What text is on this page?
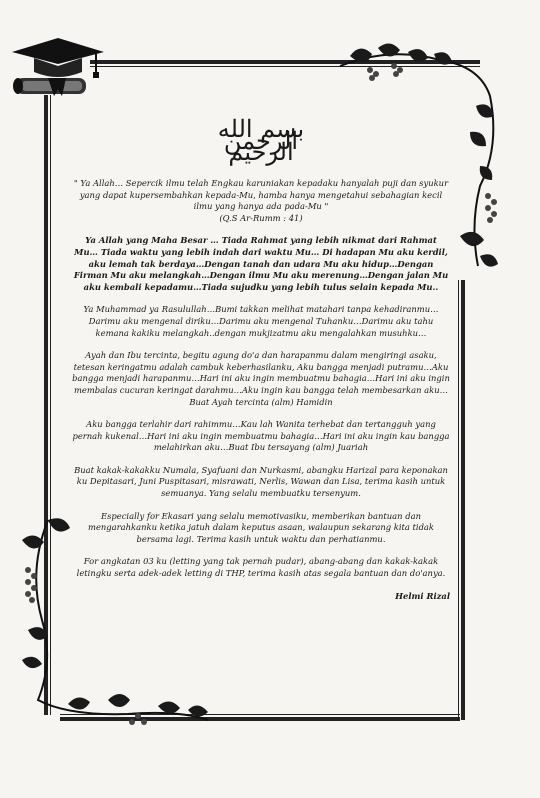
بسم الله الرحمن الرحيم
" Ya Allah… Sepercik ilmu telah Engkau karuniakan kepadaku hanyalah puji dan syukur yang dapat kupersembahkan kepada-Mu, hamba hanya mengetahui sebahagian kecil ilmu yang hanya ada pada-Mu "
(Q.S Ar-Rumm : 41)
Ya Allah yang Maha Besar … Tiada Rahmat yang lebih nikmat dari Rahmat Mu… Tiada waktu yang lebih indah dari waktu Mu… Di hadapan Mu aku kerdil, aku lemah tak berdaya…Dengan tanah dan udara Mu aku hidup…Dengan Firman Mu aku melangkah…Dengan ilmu Mu aku merenung…Dengan jalan Mu aku kembali kepadamu…Tiada sujudku yang lebih tulus selain kepada Mu..
Ya Muhammad ya Rasulullah…Bumi takkan melihat matahari tanpa kehadiranmu…Darimu aku mengenal diriku…Darimu aku mengenal Tuhanku…Darimu aku tahu kemana kakiku melangkah..dengan mukjizatmu aku mengalahkan musuhku…
Ayah dan Ibu tercinta, begitu agung do'a dan harapanmu dalam mengiringi asaku, tetesan keringatmu adalah cambuk keberhasilanku, Aku bangga menjadi putramu…Aku bangga menjadi harapanmu…Hari ini aku ingin membuatmu bahagia…Hari ini aku ingin membalas cucuran keringat darahmu…Aku ingin kau bangga telah membesarkan aku…Buat Ayah tercinta (alm) Hamidin
Aku bangga terlahir dari rahimmu…Kau lah Wanita terhebat dan tertangguh yang pernah kukenal…Hari ini aku ingin membuatmu bahagia…Hari ini aku ingin kau bangga melahirkan aku…Buat Ibu tersayang (alm) Juariah
Buat kakak-kakakku Numala, Syafuani dan Nurkasmi, abangku Harizal para keponakan ku Depitasari, Juni Puspitasari, misrawati, Nerlis, Wawan dan Lisa, terima kasih untuk semuanya. Yang selalu membuatku tersenyum.
Especially for Ekasari yang selalu memotivasiku, memberikan bantuan dan mengarahkanku ketika jatuh dalam keputus asaan, walaupun sekarang kita tidak bersama lagi. Terima kasih untuk waktu dan perhatianmu.
For angkatan 03 ku (letting yang tak pernah pudar), abang-abang dan kakak-kakak letingku serta adek-adek letting di THP, terima kasih atas segala bantuan dan do'anya.
Helmi Rizal
